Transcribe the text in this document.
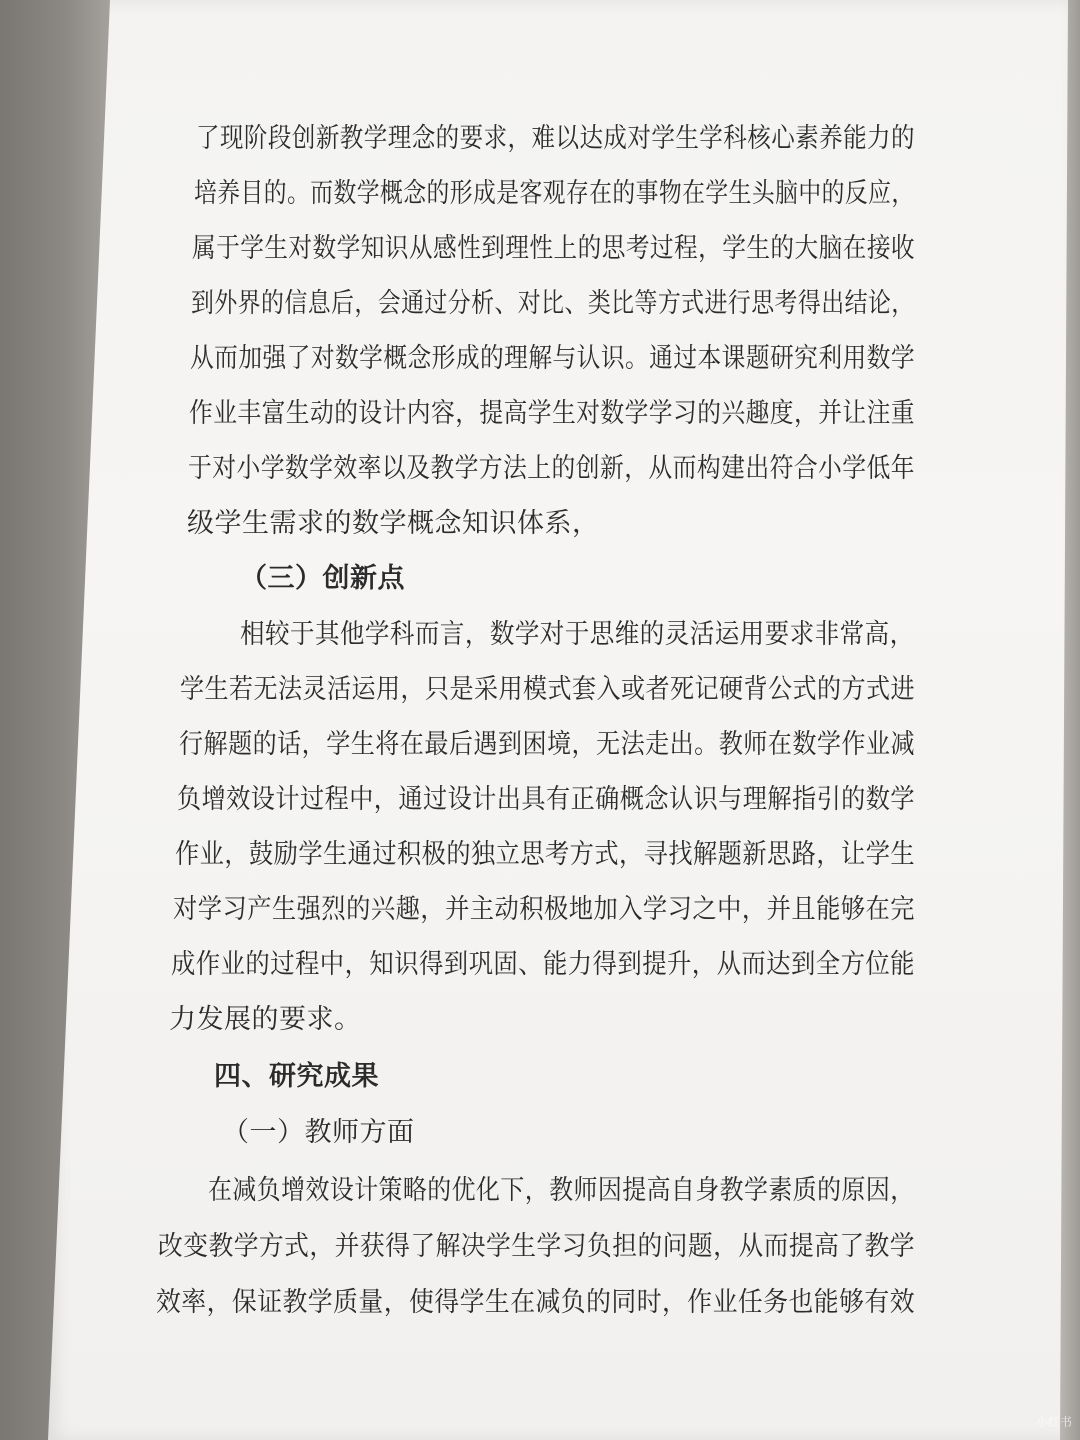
了现阶段创新教学理念的要求，难以达成对学生学科核心素养能力的
培养目的。而数学概念的形成是客观存在的事物在学生头脑中的反应，
属于学生对数学知识从感性到理性上的思考过程，学生的大脑在接收
到外界的信息后，会通过分析、对比、类比等方式进行思考得出结论，
从而加强了对数学概念形成的理解与认识。通过本课题研究利用数学
作业丰富生动的设计内容，提高学生对数学学习的兴趣度，并让注重
于对小学数学效率以及教学方法上的创新，从而构建出符合小学低年
级学生需求的数学概念知识体系，
（三）创新点
相较于其他学科而言，数学对于思维的灵活运用要求非常高，
学生若无法灵活运用，只是采用模式套入或者死记硬背公式的方式进
行解题的话，学生将在最后遇到困境，无法走出。教师在数学作业减
负增效设计过程中，通过设计出具有正确概念认识与理解指引的数学
作业，鼓励学生通过积极的独立思考方式，寻找解题新思路，让学生
对学习产生强烈的兴趣，并主动积极地加入学习之中，并且能够在完
成作业的过程中，知识得到巩固、能力得到提升，从而达到全方位能
力发展的要求。
四、研究成果
（一）教师方面
在减负增效设计策略的优化下，教师因提高自身教学素质的原因，
改变教学方式，并获得了解决学生学习负担的问题，从而提高了教学
效率，保证教学质量，使得学生在减负的同时，作业任务也能够有效
小红书
